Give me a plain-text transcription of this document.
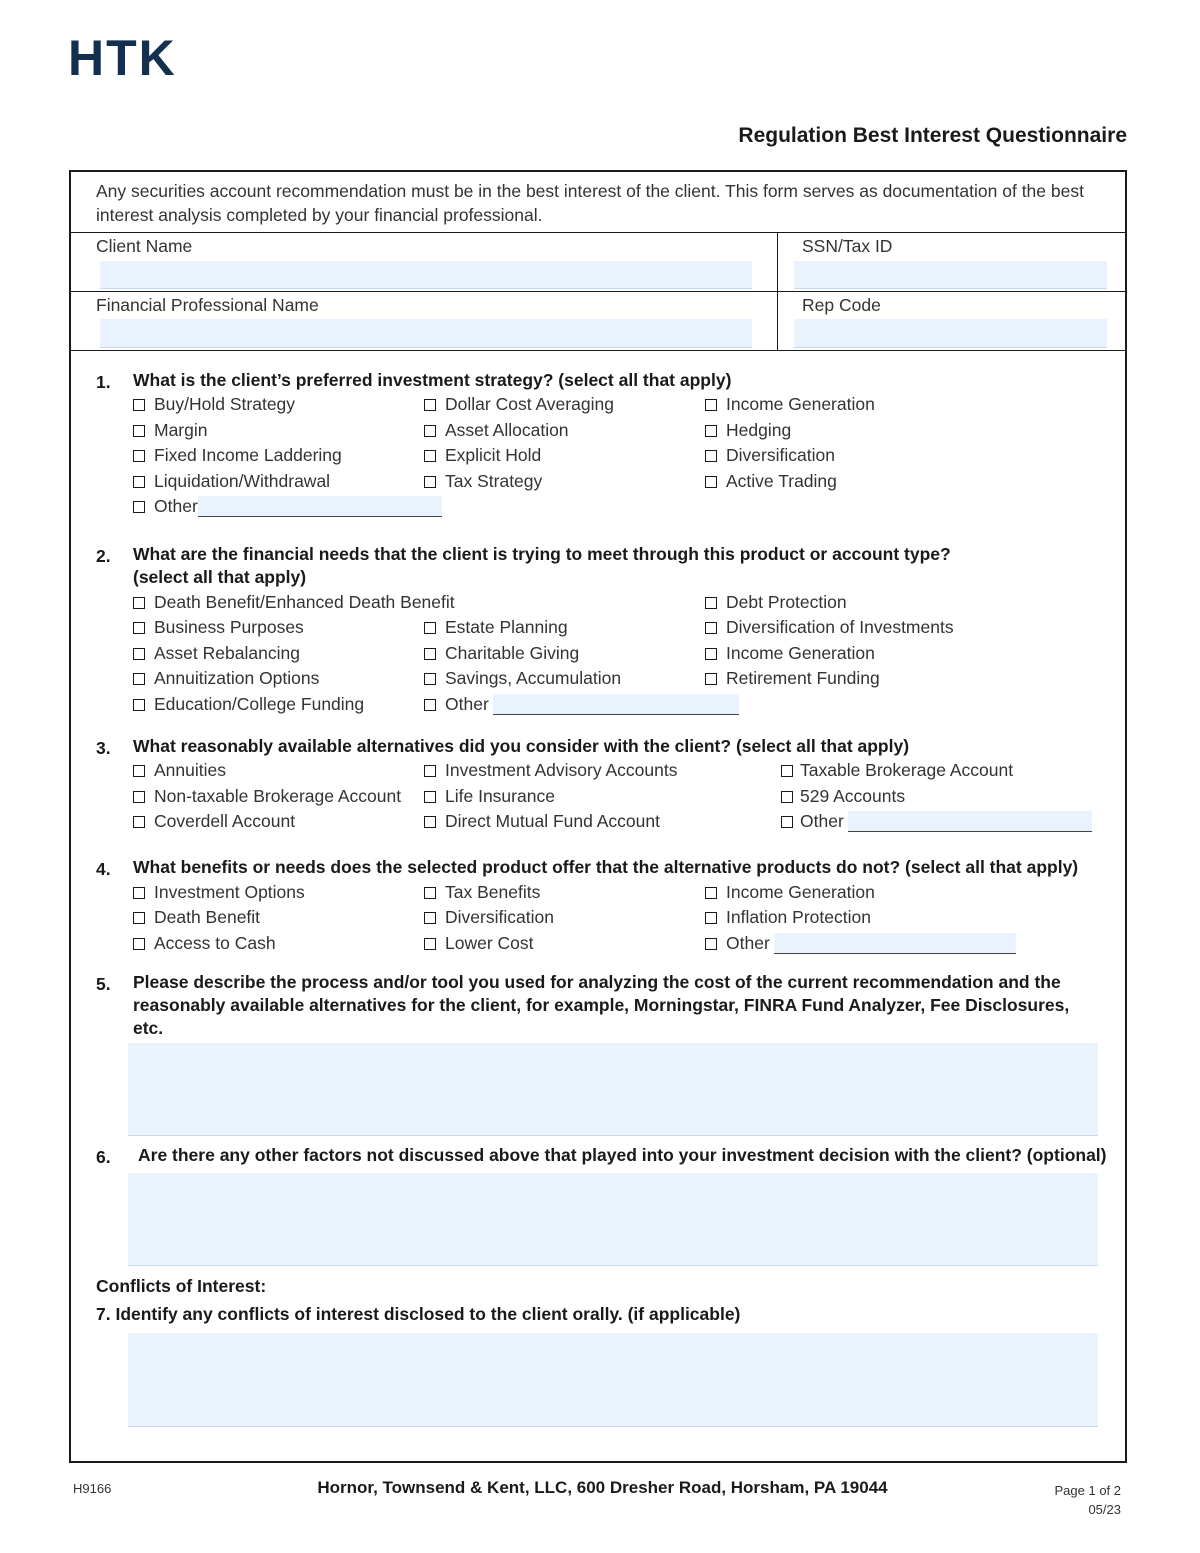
HTK
Regulation Best Interest Questionnaire
Any securities account recommendation must be in the best interest of the client. This form serves as documentation of the best interest analysis completed by your financial professional.
Client Name	SSN/Tax ID
Financial Professional Name	Rep Code
1. What is the client’s preferred investment strategy? (select all that apply)
Buy/Hold Strategy	Dollar Cost Averaging	Income Generation
Margin	Asset Allocation	Hedging
Fixed Income Laddering	Explicit Hold	Diversification
Liquidation/Withdrawal	Tax Strategy	Active Trading
Other
2. What are the financial needs that the client is trying to meet through this product or account type?
(select all that apply)
Death Benefit/Enhanced Death Benefit	Debt Protection
Business Purposes	Estate Planning	Diversification of Investments
Asset Rebalancing	Charitable Giving	Income Generation
Annuitization Options	Savings, Accumulation	Retirement Funding
Education/College Funding	Other
3. What reasonably available alternatives did you consider with the client? (select all that apply)
Annuities	Investment Advisory Accounts	Taxable Brokerage Account
Non-taxable Brokerage Account	Life Insurance	529 Accounts
Coverdell Account	Direct Mutual Fund Account	Other
4. What benefits or needs does the selected product offer that the alternative products do not? (select all that apply)
Investment Options	Tax Benefits	Income Generation
Death Benefit	Diversification	Inflation Protection
Access to Cash	Lower Cost	Other
5. Please describe the process and/or tool you used for analyzing the cost of the current recommendation and the reasonably available alternatives for the client, for example, Morningstar, FINRA Fund Analyzer, Fee Disclosures, etc.
6. Are there any other factors not discussed above that played into your investment decision with the client? (optional)
Conflicts of Interest:
7. Identify any conflicts of interest disclosed to the client orally. (if applicable)
H9166	Hornor, Townsend & Kent, LLC, 600 Dresher Road, Horsham, PA 19044	Page 1 of 2
05/23
